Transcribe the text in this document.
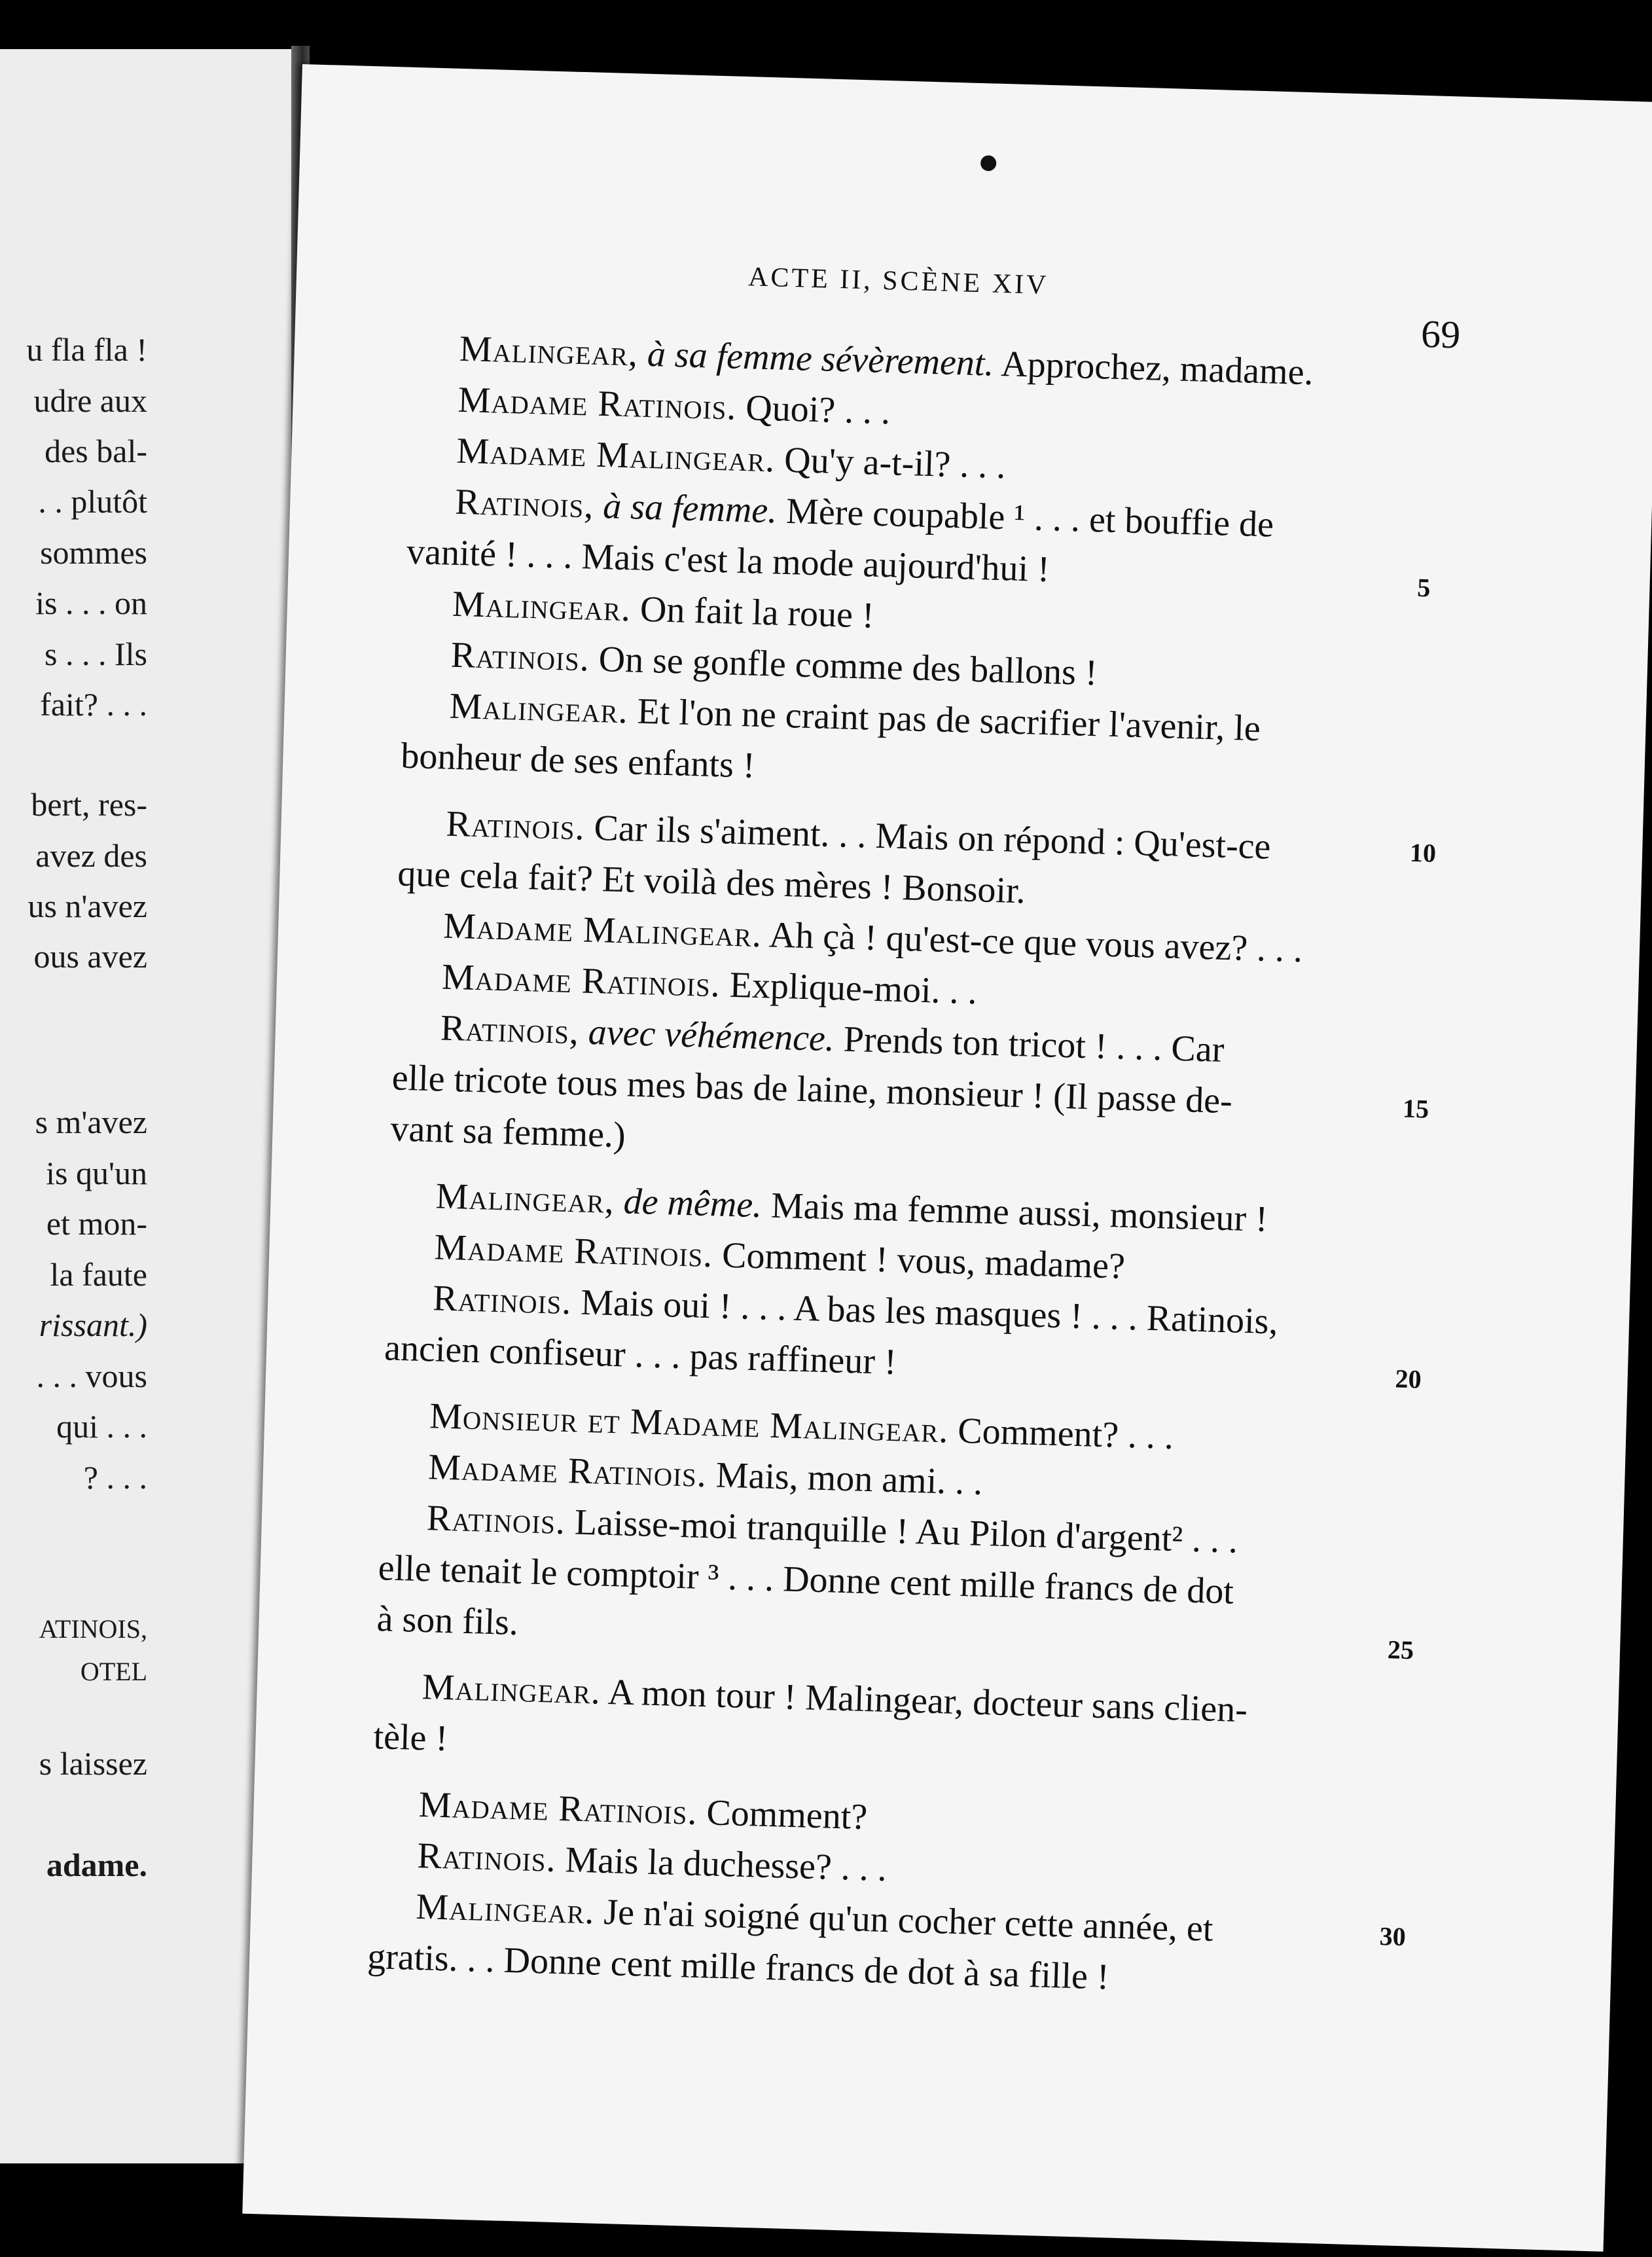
u fla fla !
udre aux
des bal-
. . plutôt
sommes
is . . . on
s . . . Ils
fait? . . .
bert, res-
avez des
us n'avez
ous avez
s m'avez
is qu'un
et mon-
la faute
rissant.)
. . . vous
qui . . .
? . . .
ATINOIS,
OTEL
s laissez
adame.
ACTE II, SCÈNE XIV
69
Malingear, à sa femme sévèrement. Approchez, madame.
Madame Ratinois. Quoi? . . .
Madame Malingear. Qu'y a-t-il? . . .
Ratinois, à sa femme. Mère coupable ¹ . . . et bouffie de
vanité ! . . . Mais c'est la mode aujourd'hui !
Malingear. On fait la roue !
Ratinois. On se gonfle comme des ballons !
Malingear. Et l'on ne craint pas de sacrifier l'avenir, le
bonheur de ses enfants !
Ratinois. Car ils s'aiment. . . Mais on répond : Qu'est-ce
que cela fait? Et voilà des mères ! Bonsoir.
Madame Malingear. Ah çà ! qu'est-ce que vous avez? . . .
Madame Ratinois. Explique-moi. . .
Ratinois, avec véhémence. Prends ton tricot ! . . . Car
elle tricote tous mes bas de laine, monsieur ! (Il passe de-
vant sa femme.)
Malingear, de même. Mais ma femme aussi, monsieur !
Madame Ratinois. Comment ! vous, madame?
Ratinois. Mais oui ! . . . A bas les masques ! . . . Ratinois,
ancien confiseur . . . pas raffineur !
Monsieur et Madame Malingear. Comment? . . .
Madame Ratinois. Mais, mon ami. . .
Ratinois. Laisse-moi tranquille ! Au Pilon d'argent² . . .
elle tenait le comptoir ³ . . . Donne cent mille francs de dot
à son fils.
Malingear. A mon tour ! Malingear, docteur sans clien-
tèle !
Madame Ratinois. Comment?
Ratinois. Mais la duchesse? . . .
Malingear. Je n'ai soigné qu'un cocher cette année, et
gratis. . . Donne cent mille francs de dot à sa fille !
5
10
15
20
25
30
